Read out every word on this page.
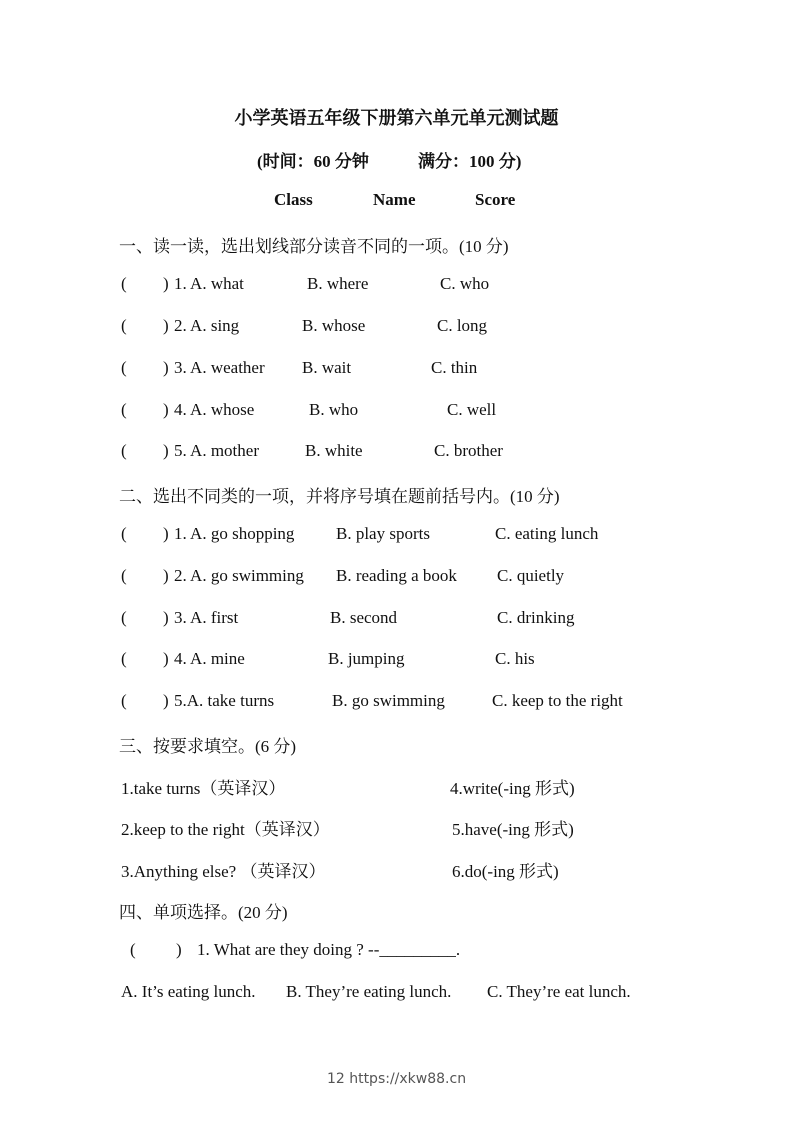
小学英语五年级下册第六单元单元测试题
(时间：60 分钟	满分：100 分)
Class	Name	Score
一、读一读，选出划线部分读音不同的一项。(10 分)
( ) 1. A. what	B. where	C. who
( ) 2. A. sing	B. whose	C. long
( ) 3. A. weather B. wait	C. thin
( ) 4. A. whose	B. who	C. well
( ) 5. A. mother	B. white	C. brother
二、选出不同类的一项，并将序号填在题前括号内。(10 分)
( ) 1. A. go shopping B. play sports	C. eating lunch
( ) 2. A. go swimming B. reading a book C. quietly
( ) 3. A. first	B. second	C. drinking
( ) 4. A. mine	B. jumping	C. his
( ) 5.A. take turns	B. go swimming	C. keep to the right
三、按要求填空。(6 分)
1.take turns（英译汉）	4.write(-ing 形式)
2.keep to the right（英译汉）	5.have(-ing 形式)
3.Anything else? （英译汉）	6.do(-ing 形式)
四、单项选择。(20 分)
( ) 1. What are they doing ? --_________.
A. It’s eating lunch. B. They’re eating lunch. C. They’re eat lunch.
12 https://xkw88.cn
